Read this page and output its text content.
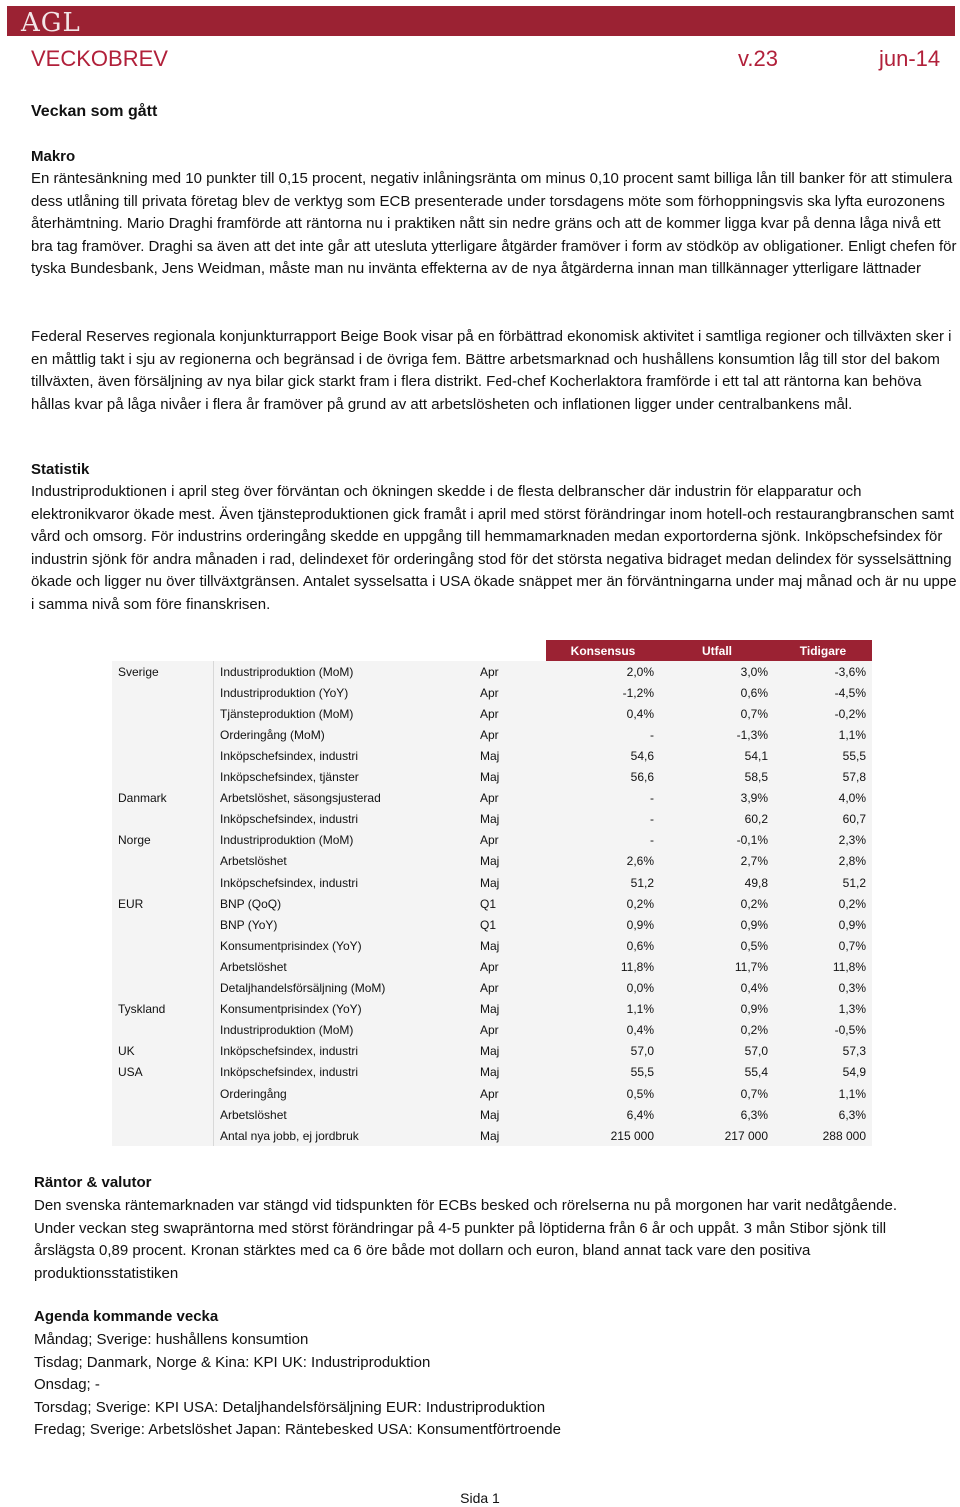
AGL
VECKOBREV	v.23	jun-14
Veckan som gått
Makro
En räntesänkning med 10 punkter till 0,15 procent, negativ inlåningsränta om minus 0,10 procent samt billiga lån till banker för att stimulera dess utlåning till privata företag blev de verktyg som ECB presenterade under torsdagens möte som förhoppningsvis ska lyfta eurozonens återhämtning. Mario Draghi framförde att räntorna nu i praktiken nått sin nedre gräns och att de kommer ligga kvar på denna låga nivå ett bra tag framöver. Draghi sa även att det inte går att utesluta ytterligare åtgärder framöver i form av stödköp av obligationer. Enligt chefen för tyska Bundesbank, Jens Weidman, måste man nu invänta effekterna av de nya åtgärderna innan man tillkännager ytterligare lättnader
Federal Reserves regionala konjunkturrapport Beige Book visar på en förbättrad ekonomisk aktivitet i samtliga regioner och tillväxten sker i en måttlig takt i sju av regionerna och begränsad i de övriga fem. Bättre arbetsmarknad och hushållens konsumtion låg till stor del bakom tillväxten, även försäljning av nya bilar gick starkt fram i flera distrikt. Fed-chef Kocherlaktora framförde i ett tal att räntorna kan behöva hållas kvar på låga nivåer i flera år framöver på grund av att arbetslösheten och inflationen ligger under centralbankens mål.
Statistik
Industriproduktionen i april steg över förväntan och ökningen skedde i de flesta delbranscher där industrin för elapparatur och elektronikvaror ökade mest. Även tjänsteproduktionen gick framåt i april med störst förändringar inom hotell-och restaurangbranschen samt vård och omsorg. För industrins orderingång skedde en uppgång till hemmamarknaden medan exportorderna sjönk. Inköpschefsindex för industrin sjönk för andra månaden i rad, delindexet för orderingång stod för det största negativa bidraget medan delindex för sysselsättning ökade och ligger nu över tillväxtgränsen. Antalet sysselsatta i USA ökade snäppet mer än förväntningarna under maj månad och är nu uppe i samma nivå som före finanskrisen.
			Konsensus	Utfall	Tidigare
Sverige	Industriproduktion (MoM)	Apr	2,0%	3,0%	-3,6%
	Industriproduktion (YoY)	Apr	-1,2%	0,6%	-4,5%
	Tjänsteproduktion (MoM)	Apr	0,4%	0,7%	-0,2%
	Orderingång (MoM)	Apr	-	-1,3%	1,1%
	Inköpschefsindex, industri	Maj	54,6	54,1	55,5
	Inköpschefsindex, tjänster	Maj	56,6	58,5	57,8
Danmark	Arbetslöshet, säsongsjusterad	Apr	-	3,9%	4,0%
	Inköpschefsindex, industri	Maj	-	60,2	60,7
Norge	Industriproduktion (MoM)	Apr	-	-0,1%	2,3%
	Arbetslöshet	Maj	2,6%	2,7%	2,8%
	Inköpschefsindex, industri	Maj	51,2	49,8	51,2
EUR	BNP (QoQ)	Q1	0,2%	0,2%	0,2%
	BNP (YoY)	Q1	0,9%	0,9%	0,9%
	Konsumentprisindex (YoY)	Maj	0,6%	0,5%	0,7%
	Arbetslöshet	Apr	11,8%	11,7%	11,8%
	Detaljhandelsförsäljning (MoM)	Apr	0,0%	0,4%	0,3%
Tyskland	Konsumentprisindex (YoY)	Maj	1,1%	0,9%	1,3%
	Industriproduktion (MoM)	Apr	0,4%	0,2%	-0,5%
UK	Inköpschefsindex, industri	Maj	57,0	57,0	57,3
USA	Inköpschefsindex, industri	Maj	55,5	55,4	54,9
	Orderingång	Apr	0,5%	0,7%	1,1%
	Arbetslöshet	Maj	6,4%	6,3%	6,3%
	Antal nya jobb, ej jordbruk	Maj	215 000	217 000	288 000
Räntor & valutor
Den svenska räntemarknaden var stängd vid tidspunkten för ECBs besked och rörelserna nu på morgonen har varit nedåtgående. Under veckan steg swapräntorna med störst förändringar på 4-5 punkter på löptiderna från 6 år och uppåt. 3 mån Stibor sjönk till årslägsta 0,89 procent. Kronan stärktes med ca 6 öre både mot dollarn och euron, bland annat tack vare den positiva produktionsstatistiken
Agenda kommande vecka
Måndag; Sverige: hushållens konsumtion
Tisdag; Danmark, Norge & Kina: KPI UK: Industriproduktion
Onsdag; -
Torsdag; Sverige: KPI USA: Detaljhandelsförsäljning EUR: Industriproduktion
Fredag; Sverige: Arbetslöshet Japan: Räntebesked USA: Konsumentförtroende
Sida 1
